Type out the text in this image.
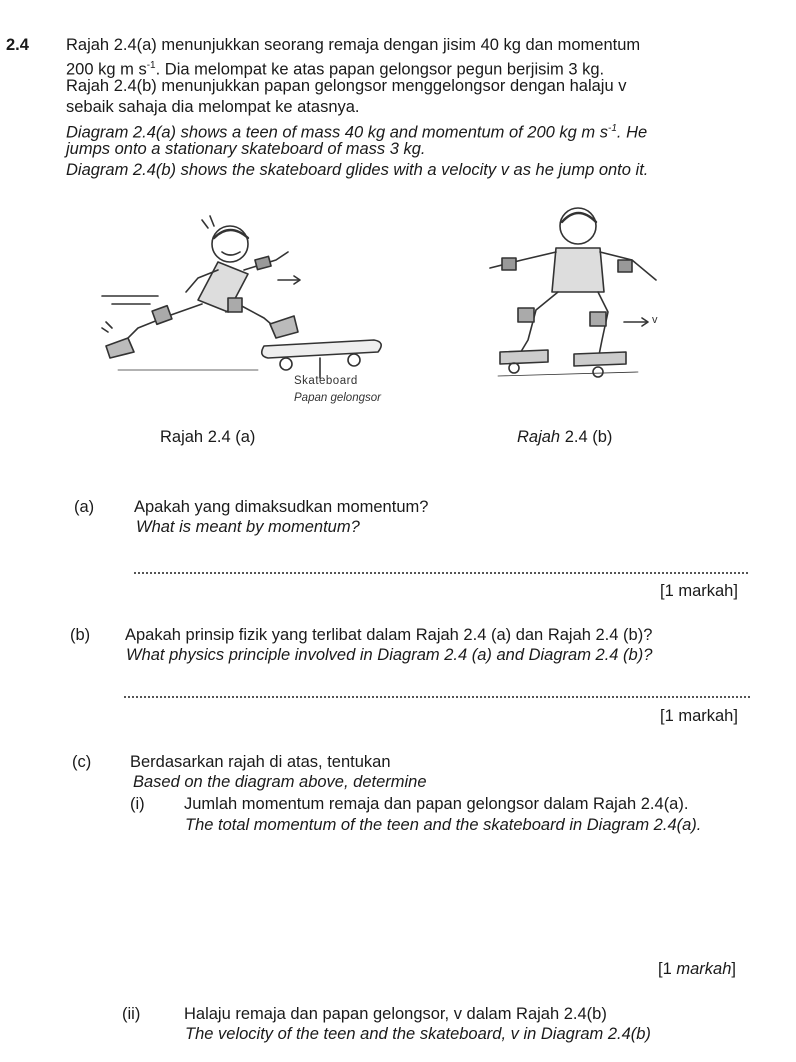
2.4 Rajah 2.4(a) menunjukkan seorang remaja dengan jisim 40 kg dan momentum
200 kg m $s^{-1}$. Dia melompat ke atas papan gelongsor pegun berjisim 3 kg.
Rajah 2.4(b) menunjukkan papan gelongsor menggelongsor dengan halaju v
sebaik sahaja dia melompat ke atasnya.
Diagram 2.4(a) shows a teen of mass 40 kg and momentum of 200 kg m $s^{-1}$. He
jumps onto a stationary skateboard of mass 3 kg.
Diagram 2.4(b) shows the skateboard glides with a velocity v as he jump onto it.
Skateboard
Papan gelongsor
v
Rajah 2.4 (a)	Rajah 2.4 (b)
(a) Apakah yang dimaksudkan momentum?
What is meant by momentum?
[1 markah]
(b) Apakah prinsip fizik yang terlibat dalam Rajah 2.4 (a) dan Rajah 2.4 (b)?
What physics principle involved in Diagram 2.4 (a) and Diagram 2.4 (b)?
[1 markah]
(c) Berdasarkan rajah di atas, tentukan
Based on the diagram above, determine
(i) Jumlah momentum remaja dan papan gelongsor dalam Rajah 2.4(a).
The total momentum of the teen and the skateboard in Diagram 2.4(a).
[1 markah]
(ii)	Halaju remaja dan papan gelongsor, v dalam Rajah 2.4(b)
The velocity of the teen and the skateboard, v in Diagram 2.4(b)
